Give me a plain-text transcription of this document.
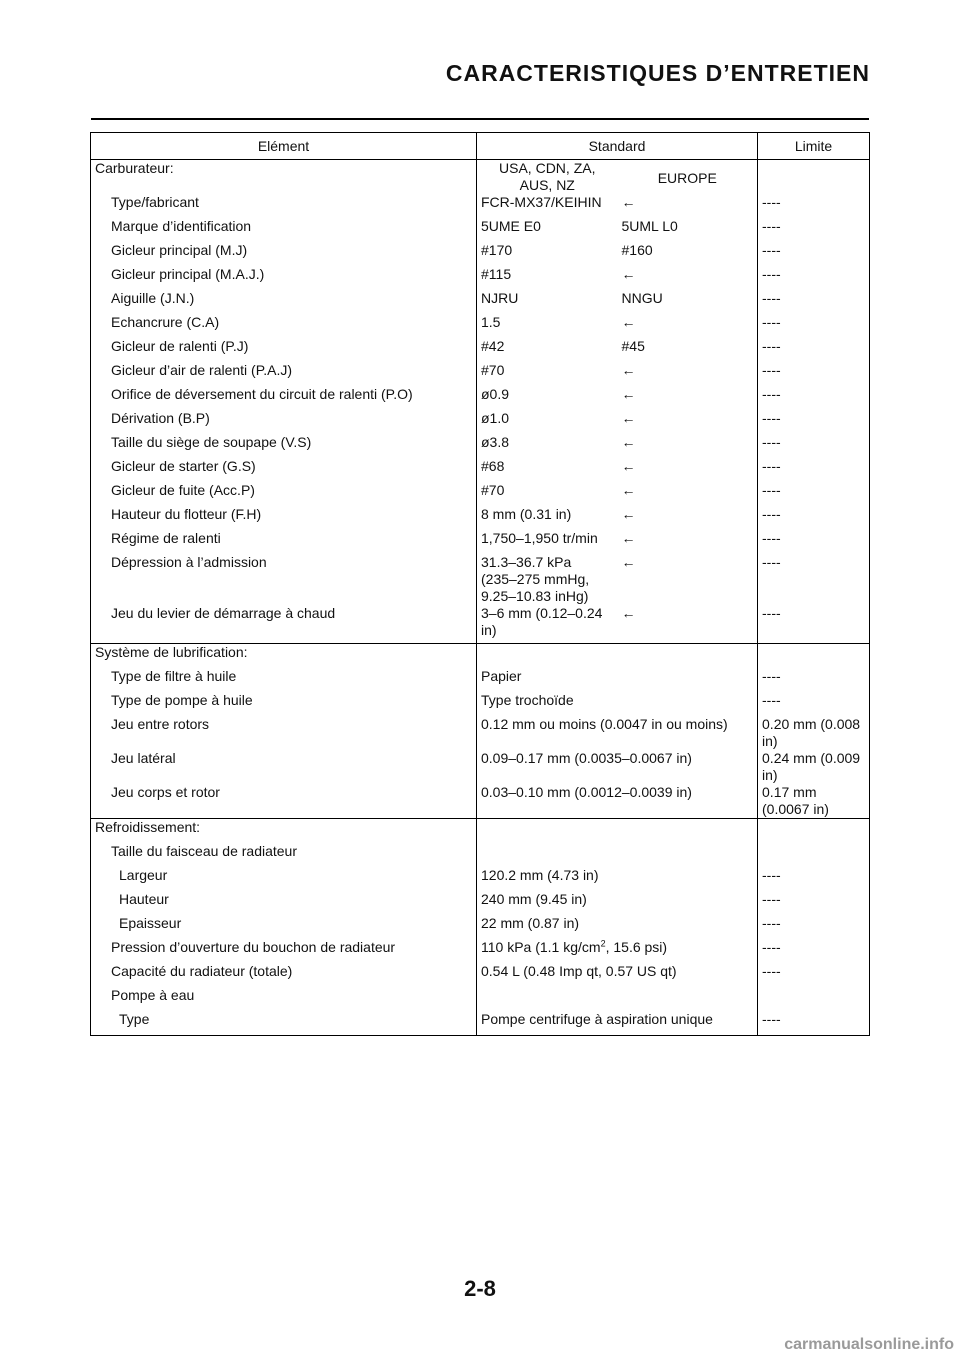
CARACTERISTIQUES D’ENTRETIEN
Elément	Standard		Limite
Carburateur:	USA, CDN, ZA,
AUS, NZ	EUROPE	
Type/fabricant	FCR-MX37/KEIHIN	←	----
Marque d’identification	5UME E0	5UML L0	----
Gicleur principal (M.J)	#170	#160	----
Gicleur principal (M.A.J.)	#115	←	----
Aiguille (J.N.)	NJRU	NNGU	----
Echancrure (C.A)	1.5	←	----
Gicleur de ralenti (P.J)	#42	#45	----
Gicleur d’air de ralenti (P.A.J)	#70	←	----
Orifice de déversement du circuit de ralenti (P.O)	ø0.9	←	----
Dérivation (B.P)	ø1.0	←	----
Taille du siège de soupape (V.S)	ø3.8	←	----
Gicleur de starter (G.S)	#68	←	----
Gicleur de fuite (Acc.P)	#70	←	----
Hauteur du flotteur (F.H)	8 mm (0.31 in)	←	----
Régime de ralenti	1,750–1,950 tr/min	←	----
Dépression à l’admission	31.3–36.7 kPa
(235–275 mmHg,
9.25–10.83 inHg)	←	----
Jeu du levier de démarrage à chaud	3–6 mm (0.12–0.24
in)	←	----

Système de lubrification:			
Type de filtre à huile	Papier		----
Type de pompe à huile	Type trochoïde		----
Jeu entre rotors	0.12 mm ou moins (0.0047 in ou moins)		0.20 mm (0.008
in)
Jeu latéral	0.09–0.17 mm (0.0035–0.0067 in)		0.24 mm (0.009
in)
Jeu corps et rotor	0.03–0.10 mm (0.0012–0.0039 in)		0.17 mm
(0.0067 in)
Refroidissement:			
Taille du faisceau de radiateur			
Largeur	120.2 mm (4.73 in)		----
Hauteur	240 mm (9.45 in)		----
Epaisseur	22 mm (0.87 in)		----
Pression d’ouverture du bouchon de radiateur	110 kPa (1.1 $kg/cm^2$, 15.6 psi)		----
Capacité du radiateur (totale)	0.54 L (0.48 Imp qt, 0.57 US qt)		----
Pompe à eau			
Type	Pompe centrifuge à aspiration unique		----
2-8
carmanualsonline.info
